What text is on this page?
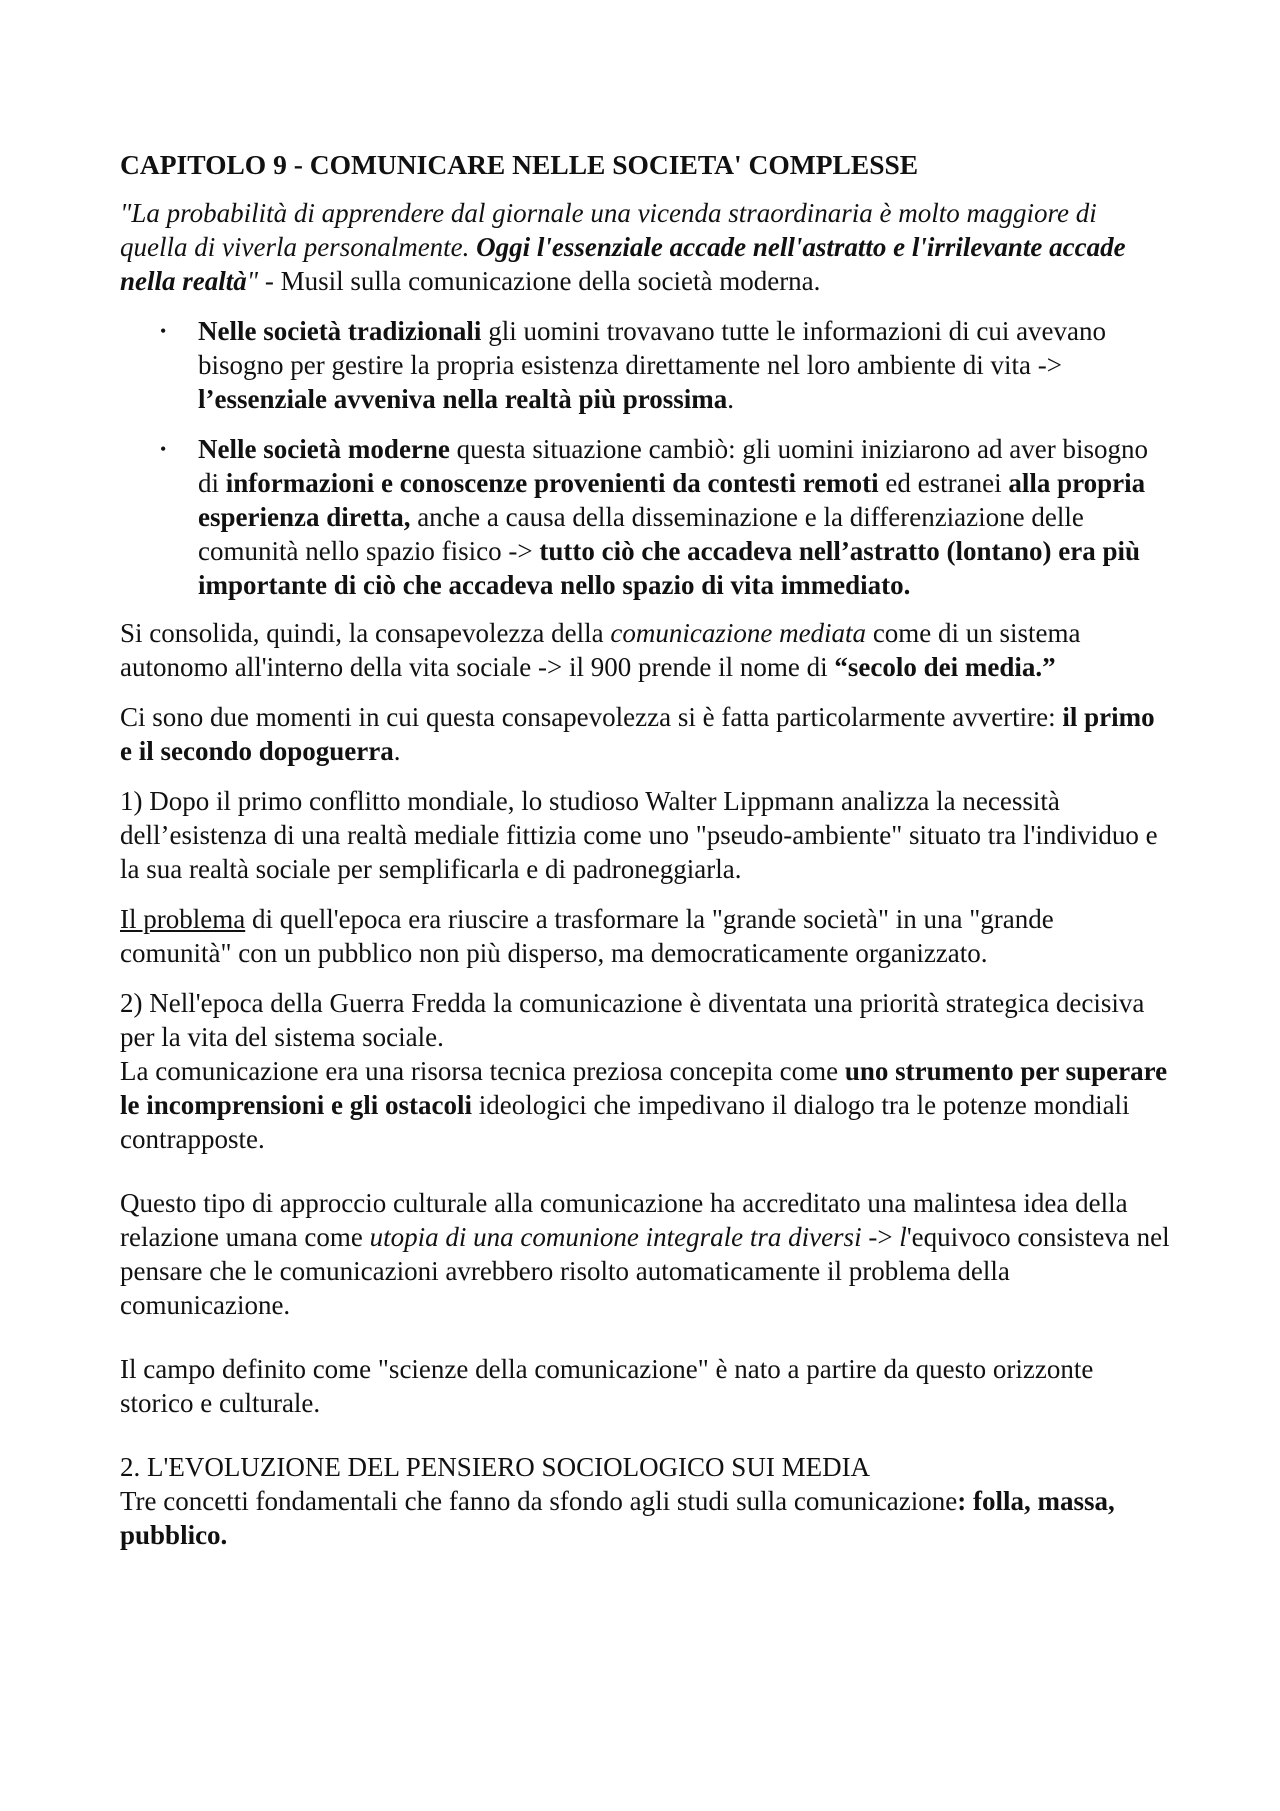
CAPITOLO 9 - COMUNICARE NELLE SOCIETA' COMPLESSE

"La probabilità di apprendere dal giornale una vicenda straordinaria è molto maggiore di quella di viverla personalmente. Oggi l'essenziale accade nell'astratto e l'irrilevante accade nella realtà" - Musil sulla comunicazione della società moderna.

• Nelle società tradizionali gli uomini trovavano tutte le informazioni di cui avevano bisogno per gestire la propria esistenza direttamente nel loro ambiente di vita -> l’essenziale avveniva nella realtà più prossima.
• Nelle società moderne questa situazione cambiò: gli uomini iniziarono ad aver bisogno di informazioni e conoscenze provenienti da contesti remoti ed estranei alla propria esperienza diretta, anche a causa della disseminazione e la differenziazione delle comunità nello spazio fisico -> tutto ciò che accadeva nell’astratto (lontano) era più importante di ciò che accadeva nello spazio di vita immediato.

Si consolida, quindi, la consapevolezza della comunicazione mediata come di un sistema autonomo all'interno della vita sociale -> il 900 prende il nome di “secolo dei media.”

Ci sono due momenti in cui questa consapevolezza si è fatta particolarmente avvertire: il primo e il secondo dopoguerra.

1) Dopo il primo conflitto mondiale, lo studioso Walter Lippmann analizza la necessità dell’esistenza di una realtà mediale fittizia come uno "pseudo-ambiente" situato tra l'individuo e la sua realtà sociale per semplificarla e di padroneggiarla.

Il problema di quell'epoca era riuscire a trasformare la "grande società" in una "grande comunità" con un pubblico non più disperso, ma democraticamente organizzato.

2) Nell'epoca della Guerra Fredda la comunicazione è diventata una priorità strategica decisiva per la vita del sistema sociale.
La comunicazione era una risorsa tecnica preziosa concepita come uno strumento per superare le incomprensioni e gli ostacoli ideologici che impedivano il dialogo tra le potenze mondiali contrapposte.

Questo tipo di approccio culturale alla comunicazione ha accreditato una malintesa idea della relazione umana come utopia di una comunione integrale tra diversi -> l'equivoco consisteva nel pensare che le comunicazioni avrebbero risolto automaticamente il problema della comunicazione.

Il campo definito come "scienze della comunicazione" è nato a partire da questo orizzonte storico e culturale.

2. L'EVOLUZIONE DEL PENSIERO SOCIOLOGICO SUI MEDIA
Tre concetti fondamentali che fanno da sfondo agli studi sulla comunicazione: folla, massa, pubblico.
